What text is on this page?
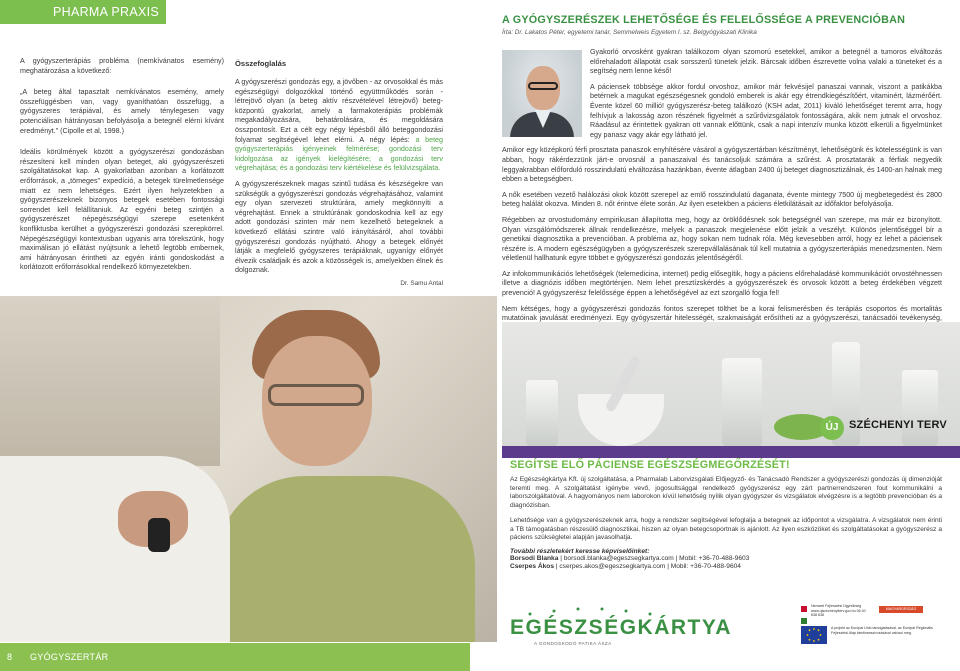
PHARMA PRAXIS
A GYÓGYSZERÉSZEK LEHETŐSÉGE ÉS FELELŐSSÉGE A PREVENCIÓBAN
Írta: Dr. Lakatos Péter, egyetemi tanár, Semmelweis Egyetem I. sz. Belgyógyászati Klinika

A gyógyszerterápiás probléma (nemkívánatos esemény) meghatározása a következő:

„A beteg által tapasztalt nemkívánatos esemény, amely összefüggésben van, vagy gyaníthatóan összefügg, a gyógyszeres terápiával, és amely ténylegesen vagy potenciálisan hátrányosan befolyásolja a betegnél elérni kívánt eredményt.” (Cipolle et al, 1998.)

Ideális körülmények között a gyógyszerészi gondozásban részesíteni kell minden olyan beteget, aki gyógyszerészeti szolgáltatásokat kap. A gyakorlatban azonban a korlátozott erőforrások, a „tömeges” expedíció, a betegek türelmetlensége miatt ez nem lehetséges. Ezért ilyen helyzetekben a gyógyszerészeknek bizonyos betegek esetében fontossági sorrendet kell felállítaniuk. Az egyéni beteg szintjén a gyógyszerészet népegészségügyi szerepe esetenként konfliktusba kerülhet a gyógyszerészi gondozási szerepkörrel. Népegészségügyi kontextusban ugyanis arra törekszünk, hogy maximálisan jó ellátást nyújtsunk a lehető legtöbb embernek, ami hátrányosan érintheti az egyén iránti gondoskodást a korlátozott erőforrásokkal rendelkező környezetekben.

Összefoglalás

A gyógyszerészi gondozás egy, a jövőben - az orvosokkal és más egészségügyi dolgozókkal történő együttműködés során - létrejövő olyan (a beteg aktív részvételével létrejövő) beteg-központú gyakorlat, amely a farmakoterápiás problémák megakadályozására, behatárolására, és megoldására összpontosít. Ezt a célt egy négy lépésből álló beteggondozási folyamat segítségével lehet elérni. A négy lépés: a beteg gyógyszerterápiás igényeinek felmérése; gondozási terv kidolgozása az igények kielégítésére; a gondozási terv végrehajtása; és a gondozási terv kiértékelése és felülvizsgálata.

A gyógyszerészeknek magas szintű tudása és készségekre van szükségük a gyógyszerészi gondozás végrehajtásához, valamint egy olyan szervezeti struktúrára, amely megkönnyíti a végrehajtást. Ennek a struktúrának gondoskodnia kell az egy adott gondozási szinten már nem kezelhető betegeknek a következő ellátási szintre való irányításáról, ahol további gyógyszerészi gondozás nyújtható. Ahogy a betegek előnyét látják a megfelelő gyógyszeres terápiáknak, ugyanígy előnyét élvezik családjaik és azok a közösségek is, amelyekben élnek és dolgoznak.

Dr. Samu Antal

Gyakorló orvosként gyakran találkozom olyan szomorú esetekkel, amikor a betegnél a tumoros elváltozás előrehaladott állapotát csak sorsszerű tünetek jelzik. Bárcsak időben észrevette volna valaki a tüneteket és a segítség nem lenne késő!

A páciensek többsége akkor fordul orvoshoz, amikor már fekvésijel panaszai vannak, viszont a patikákba betérnek a magukat egészségesnek gondoló emberek is akár egy étrendkiegészítőért, vitaminért, lázmérőért. Évente közel 60 millió! gyógyszerész-beteg találkozó (KSH adat, 2011) kiváló lehetőséget teremt arra, hogy felhívjuk a lakosság azon részének figyelmét a szűrővizsgálatok fontosságára, akik nem jutnak el orvoshoz. Ráadásul az érintettek gyakran ott vannak előttünk, csak a napi intenzív munka között elkerüli a figyelmünket egy panasz vagy akár egy látható jel.

Amikor egy középkorú férfi prosztata panaszok enyhítésére vásárol a gyógyszertárban készítményt, lehetőségünk és kötelességünk is van abban, hogy rákérdezzünk járt-e orvosnál a panaszaival és tanácsoljuk számára a szűrést. A prosztatarák a férfiak negyedik leggyakrabban előforduló rosszindulatú elváltozása hazánkban, évente átlagban 2400 új beteget diagnosztizálnak, és 1400-an halnak meg ebben a betegségben.

A nők esetében vezető halálozási okok között szerepel az emlő rosszindulatú daganata, évente mintegy 7500 új megbetegedést és 2800 beteg halálát okozva. Minden 8. nőt érintve élete során. Az ilyen esetekben a páciens életkilátásait az időfaktor befolyásolja.

Régebben az orvostudomány empirikusan állapította meg, hogy az öröklődésnek sok betegségnél van szerepe, ma már ez bizonyított. Olyan vizsgálómódszerek állnak rendelkezésre, melyek a panaszok megjelenése előtt jelzik a veszélyt. Különös jelentőséggel bír a genetikai diagnosztika a prevencióban. A probléma az, hogy sokan nem tudnak róla. Még kevesebben arról, hogy ez lehet a páciensek részére is. A modern egészségügyben a gyógyszerészek szerepvállalásának túl kell mutatnia a gyógyszerterápiás menedzsmenten. Nem véletlenül hallhatunk egyre többet e gyógyszerészi gondozás jelentőségéről.

Az infokommunikációs lehetőségek (telemedicina, internet) pedig elősegítik, hogy a páciens előrehaladásé kommunikációt orvostéhnessen illetve a diagnózis időben megtörténjen. Nem lehet presztízskérdés a gyógyszerészek és orvosok között a beteg érdekében végzett prevenció! A gyógyszerész felelőssége éppen a lehetőségével az ezt szorgalló fogja fel!

Nem kétséges, hogy a gyógyszerészi gondozás fontos szerepet tölthet be a korai felismerésben és terápiás csoportos és mortalitás mutatóinak javulását eredményezi. Egy gyógyszertár hitelességét, szakmaiságát erősítheti az a gyógyszerészi, tanácsadói tevékenység,

ÚJ SZÉCHENYI TERV
SEGÍTSE ELŐ PÁCIENSE EGÉSZSÉGMEGŐRZÉSÉT!

Az Egészségkártya Kft. új szolgáltatása, a Pharmalab Laborvizsgálati Előjegyző- és Tanácsadó Rendszer a gyógyszerészi gondozás új dimenzióját teremti meg. A szolgáltatást igénybe vevő, jogosultsággal rendelkező gyógyszerész egy zárt partnerrendszeren fout kommunikálni a laborszolgáltatóval. A hagyományos nem laborokon kívül lehetőség nyílik olyan gyógyszer és vizsgálatok elvégzésre is a legtöbb prevencióban és a diagnózisban.

Lehetősége van a gyógyszerészeknek arra, hogy a rendszer segítségével lefoglalja a betegnek az időpontot a vizsgálatra. A vizsgálatok nem érinti a TB támogatásban részesülő diagnosztikai, hiszen az olyan betegcsoportnak is ajánlott. Az ilyen eszközöket és szolgáltatásokat a gyógyszerész a páciens szükségletei alapján javasolhatja.

További részletekért keresse képviselőinket:
Borsodi Blanka | borsodi.blanka@egeszsegkartya.com | Mobil: +36-70-488-9603
Cserpes Ákos | cserpes.akos@egeszsegkartya.com | Mobil: +36-70-488-9604
EGÉSZSÉGKÁRTYA
A GONDOSKODÓ PATIKA ÁSZA
Nemzeti Fejlesztési Ügynökség www.ujszechenyiterv.gov.hu 06 40 638 638
MAGYARORSZÁG MEGÚJUL
A projekt az Európai Unió támogatásával, az Európai Regionális Fejlesztési Alap társfinanszírozásával valósul meg.
8 GYÓGYSZERTÁR
